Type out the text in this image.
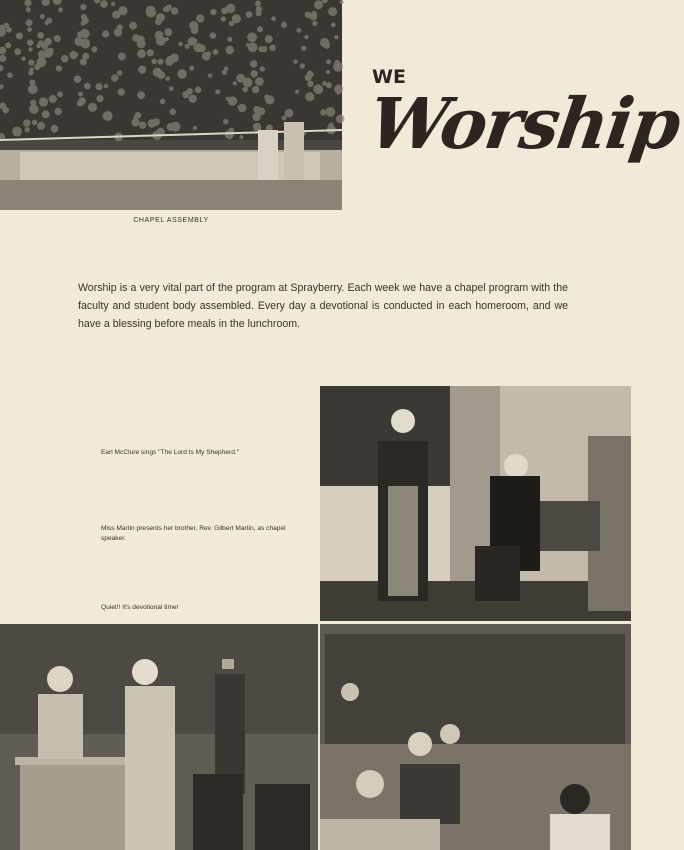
CHAPEL ASSEMBLY
WE
Worship
Worship is a very vital part of the program at Sprayberry. Each week we have a chapel program with the faculty and student body assembled. Every day a devotional is conducted in each homeroom, and we have a blessing before meals in the lunchroom.
Earl McClure sings "The Lord Is My Shepherd."
Miss Martin presents her brother, Rev. Gilbert Martin, as chapel speaker.
Quiet!! It's devotional time!
